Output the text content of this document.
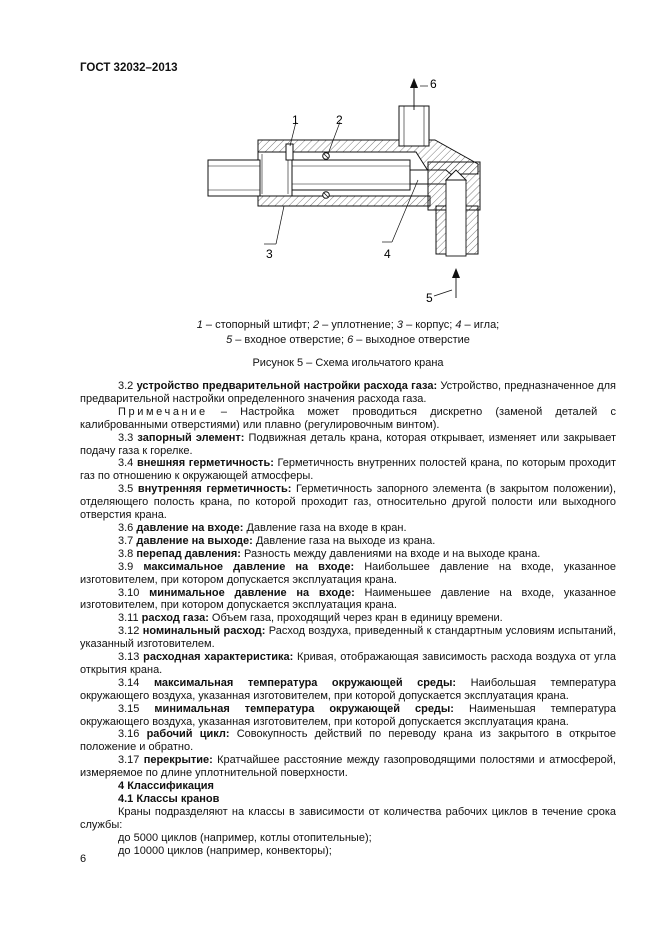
ГОСТ 32032–2013
1	2
3	4
5
6
1 – стопорный штифт; 2 – уплотнение; 3 – корпус; 4 – игла;
5 – входное отверстие; 6 – выходное отверстие
Рисунок 5 – Схема игольчатого крана

3.2 устройство предварительной настройки расхода газа: Устройство, предназначенное для предварительной настройки определенного значения расхода газа.

Примечание – Настройка может проводиться дискретно (заменой деталей с калиброванными отверстиями) или плавно (регулировочным винтом).

3.3 запорный элемент: Подвижная деталь крана, которая открывает, изменяет или закрывает подачу газа к горелке.

3.4 внешняя герметичность: Герметичность внутренних полостей крана, по которым проходит газ по отношению к окружающей атмосферы.

3.5 внутренняя герметичность: Герметичность запорного элемента (в закрытом положении), отделяющего полость крана, по которой проходит газ, относительно другой полости или выходного отверстия крана.

3.6 давление на входе: Давление газа на входе в кран.

3.7 давление на выходе: Давление газа на выходе из крана.

3.8 перепад давления: Разность между давлениями на входе и на выходе крана.

3.9 максимальное давление на входе: Наибольшее давление на входе, указанное изготовителем, при котором допускается эксплуатация крана.

3.10 минимальное давление на входе: Наименьшее давление на входе, указанное изготовителем, при котором допускается эксплуатация крана.

3.11 расход газа: Объем газа, проходящий через кран в единицу времени.

3.12 номинальный расход: Расход воздуха, приведенный к стандартным условиям испытаний, указанный изготовителем.

3.13 расходная характеристика: Кривая, отображающая зависимость расхода воздуха от угла открытия крана.

3.14 максимальная температура окружающей среды: Наибольшая температура окружающего воздуха, указанная изготовителем, при которой допускается эксплуатация крана.

3.15 минимальная температура окружающей среды: Наименьшая температура окружающего воздуха, указанная изготовителем, при которой допускается эксплуатация крана.

3.16 рабочий цикл: Совокупность действий по переводу крана из закрытого в открытое положение и обратно.

3.17 перекрытие: Кратчайшее расстояние между газопроводящими полостями и атмосферой, измеряемое по длине уплотнительной поверхности.

4 Классификация

4.1 Классы кранов

Краны подразделяют на классы в зависимости от количества рабочих циклов в течение срока службы:

до 5000 циклов (например, котлы отопительные);

до 10000 циклов (например, конвекторы);

6
